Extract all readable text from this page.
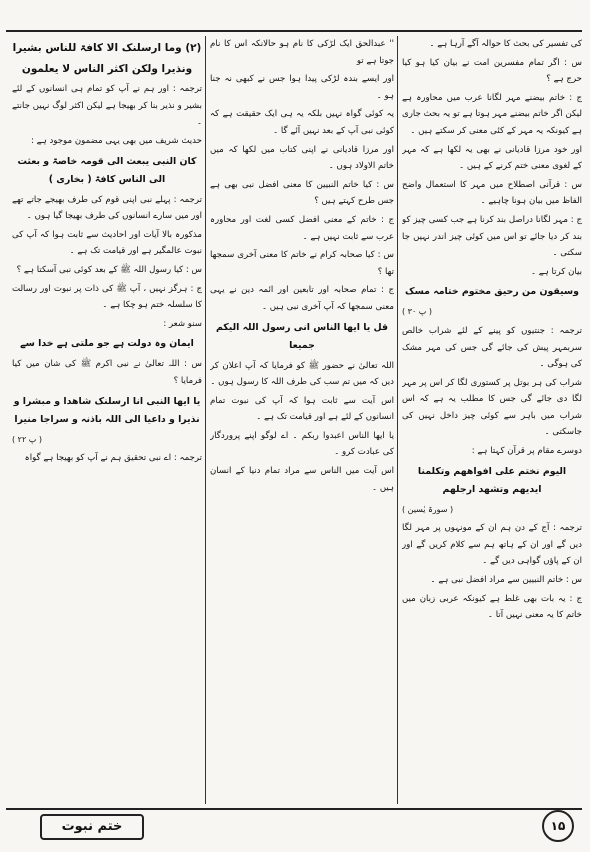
کی تفسیر کی بحث کا حوالہ آگے آرہا ہے ۔

س : اگر تمام مفسرین امت نے بیان کیا ہو کیا حرج ہے ؟

ج : خاتم بیضنے مہر لگانا عرب میں محاورہ ہے لیکن اگر خاتم بیضنے مہر ہوتا ہے تو یہ بحث جاری ہے کیونکہ یہ مہر کے کئی معنی کر سکتے ہیں ۔

اور خود مرزا قادیانی نے بھی یہ لکھا ہے کہ مہر کے لغوی معنی ختم کرنے کے ہیں ۔

س : قرآنی اصطلاح میں مہر کا استعمال واضح الفاظ میں بیان ہونا چاہیے ۔

ج : مہر لگانا دراصل بند کرنا ہے جب کسی چیز کو بند کر دیا جائے تو اس میں کوئی چیز اندر نہیں جا سکتی ۔

بیان کرتا ہے ۔

وسیقون من رحیق مختوم ختامہ مسک

( پ ۳۰ )

ترجمہ : جنتیوں کو پینے کے لئے شراب خالص سربمہر پیش کی جائے گی جس کی مہر مشک کی ہوگی ۔

شراب کی ہر بوتل پر کستوری لگا کر اس پر مہر لگا دی جائے گی جس کا مطلب یہ ہے کہ اس شراب میں باہر سے کوئی چیز داخل نہیں کی جاسکتی ۔

دوسرے مقام پر قرآن کہتا ہے :

الیوم نختم علی افواھھم وتکلمنا ایدیھم وتشھد ارجلھم

( سورۃ یٰسین )

ترجمہ : آج کے دن ہم ان کے مونہوں پر مہر لگا دیں گے اور ان کے ہاتھ ہم سے کلام کریں گے اور ان کے پاؤں گواہی دیں گے ۔

س : خاتم النبیین سے مراد افضل نبی ہے ۔

ج : یہ بات بھی غلط ہے کیونکہ عربی زبان میں خاتم کا یہ معنی نہیں آتا ۔

'' عبدالحق ایک لڑکی کا نام ہو حالانکہ اس کا نام جوتا ہے تو

اور ایسے بندہ لڑکی پیدا ہوا جس نے کبھی نہ جنا ہو ۔

یہ کوئی گواہ نہیں بلکہ یہ ہی ایک حقیقت ہے کہ کوئی نبی آپ کے بعد نہیں آئے گا ۔

اور مرزا قادیانی نے اپنی کتاب میں لکھا کہ میں خاتم الاولاد ہوں ۔

س : کیا خاتم النبیین کا معنی افضل نبی بھی ہے جس طرح کہتے ہیں ؟

ج : خاتم کے معنی افضل کسی لغت اور محاورہ عرب سے ثابت نہیں ہے ۔

س : کیا صحابہ کرام نے خاتم کا معنی آخری سمجھا تھا ؟

ج : تمام صحابہ اور تابعین اور ائمہ دین نے یہی معنی سمجھا کہ آپ آخری نبی ہیں ۔

قل یا ایھا الناس انی رسول اللہ الیکم جمیعا

اللہ تعالیٰ نے حضور ﷺ کو فرمایا کہ آپ اعلان کر دیں کہ میں تم سب کی طرف اللہ کا رسول ہوں ۔

اس آیت سے ثابت ہوا کہ آپ کی نبوت تمام انسانوں کے لئے ہے اور قیامت تک ہے ۔

یا ایھا الناس اعبدوا ربکم ۔ اے لوگو اپنے پروردگار کی عبادت کرو ۔

اس آیت میں الناس سے مراد تمام دنیا کے انسان ہیں ۔

(۲) وما ارسلنک الا کافۃ للناس بشیرا

ونذیرا ولکن اکثر الناس لا یعلمون

ترجمہ : اور ہم نے آپ کو تمام ہی انسانوں کے لئے بشیر و نذیر بنا کر بھیجا ہے لیکن اکثر لوگ نہیں جانتے ۔

حدیث شریف میں بھی یہی مضمون موجود ہے :

کان النبی یبعث الی قومہ خاصۃ و بعثت الی الناس کافۃ ( بخاری )

ترجمہ : پہلے نبی اپنی قوم کی طرف بھیجے جاتے تھے اور میں سارے انسانوں کی طرف بھیجا گیا ہوں ۔

مذکورہ بالا آیات اور احادیث سے ثابت ہوا کہ آپ کی نبوت عالمگیر ہے اور قیامت تک ہے ۔

س : کیا رسول اللہ ﷺ کے بعد کوئی نبی آسکتا ہے ؟

ج : ہرگز نہیں ، آپ ﷺ کی ذات پر نبوت اور رسالت کا سلسلہ ختم ہو چکا ہے ۔

سنو شعر :

ایمان وہ دولت ہے جو ملتی ہے خدا سے

س : اللہ تعالیٰ نے نبی اکرم ﷺ کی شان میں کیا فرمایا ؟

یا ایھا النبی انا ارسلنک شاھدا و مبشرا و نذیرا و داعیا الی اللہ باذنہ و سراجا منیرا

( پ ۲۲ )

ترجمہ : اے نبی تحقیق ہم نے آپ کو بھیجا ہے گواہ

ختم نبوت	۱۵
